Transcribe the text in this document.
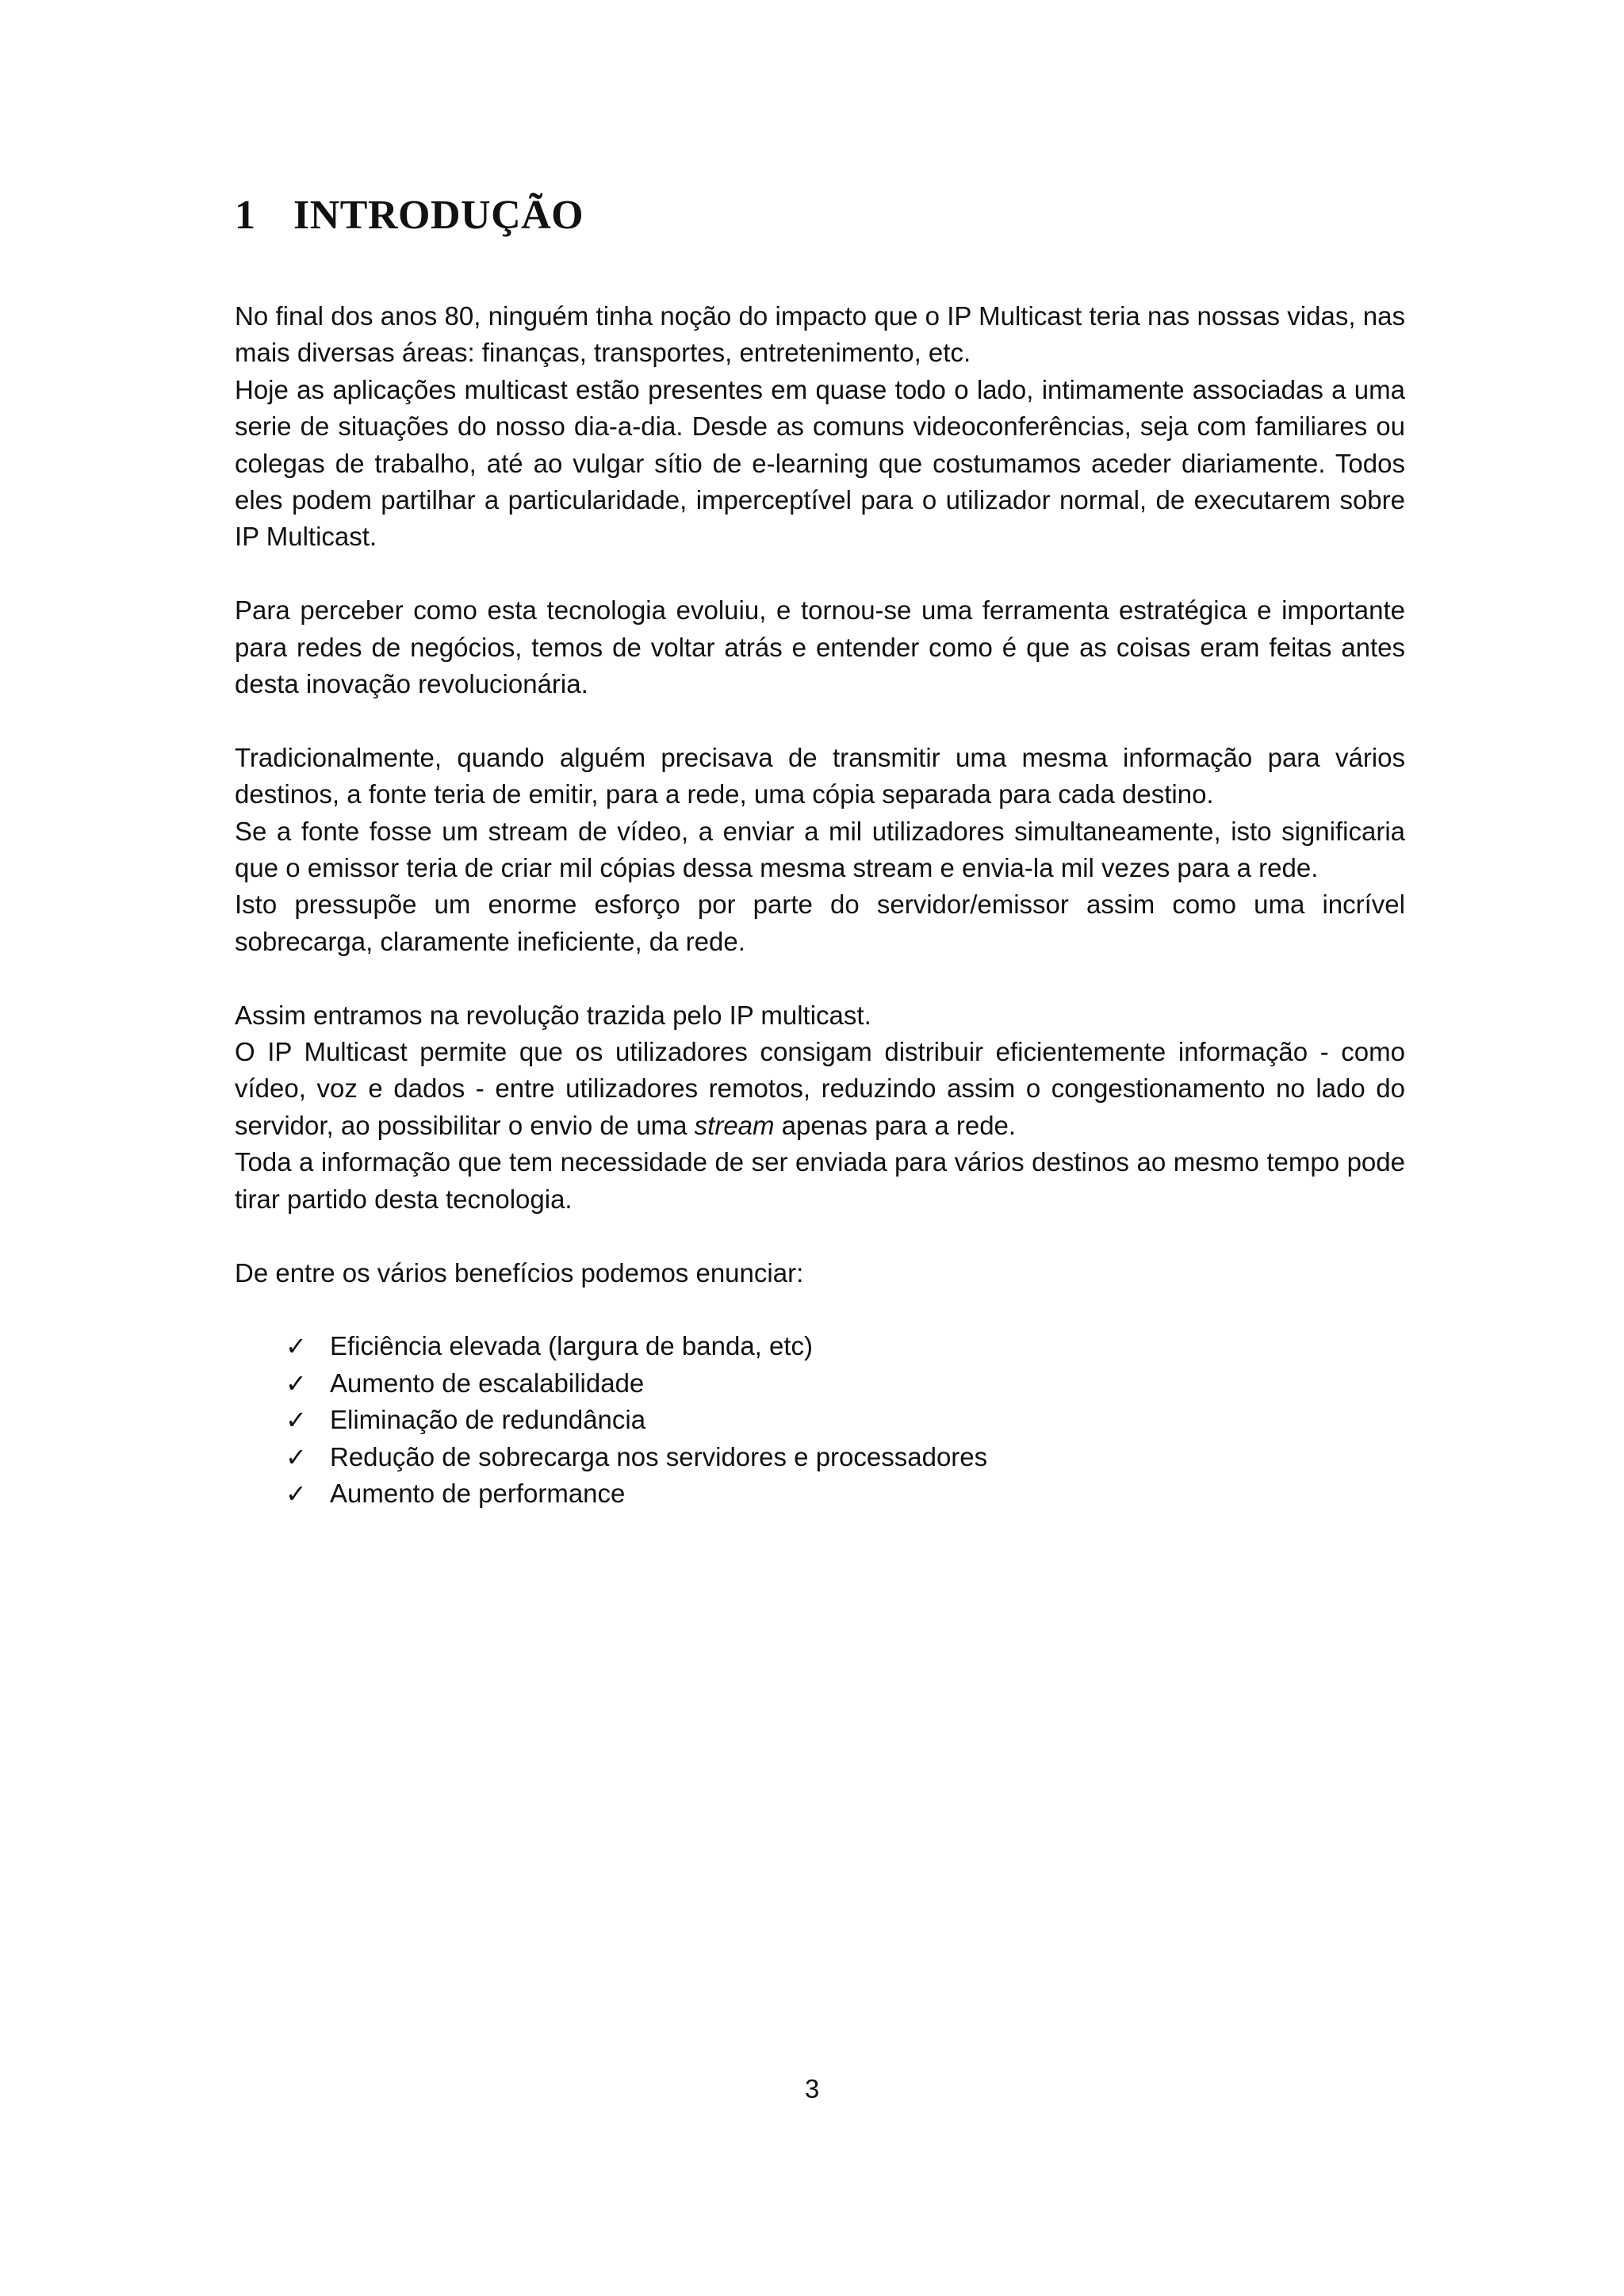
1 INTRODUÇÃO

No final dos anos 80, ninguém tinha noção do impacto que o IP Multicast teria nas nossas vidas, nas mais diversas áreas: finanças, transportes, entretenimento, etc.

Hoje as aplicações multicast estão presentes em quase todo o lado, intimamente associadas a uma serie de situações do nosso dia-a-dia. Desde as comuns videoconferências, seja com familiares ou colegas de trabalho, até ao vulgar sítio de e-learning que costumamos aceder diariamente. Todos eles podem partilhar a particularidade, imperceptível para o utilizador normal, de executarem sobre IP Multicast.

Para perceber como esta tecnologia evoluiu, e tornou-se uma ferramenta estratégica e importante para redes de negócios, temos de voltar atrás e entender como é que as coisas eram feitas antes desta inovação revolucionária.

Tradicionalmente, quando alguém precisava de transmitir uma mesma informação para vários destinos, a fonte teria de emitir, para a rede, uma cópia separada para cada destino.

Se a fonte fosse um stream de vídeo, a enviar a mil utilizadores simultaneamente, isto significaria que o emissor teria de criar mil cópias dessa mesma stream e envia-la mil vezes para a rede.

Isto pressupõe um enorme esforço por parte do servidor/emissor assim como uma incrível sobrecarga, claramente ineficiente, da rede.

Assim entramos na revolução trazida pelo IP multicast.

O IP Multicast permite que os utilizadores consigam distribuir eficientemente informação - como vídeo, voz e dados - entre utilizadores remotos, reduzindo assim o congestionamento no lado do servidor, ao possibilitar o envio de uma stream apenas para a rede.

Toda a informação que tem necessidade de ser enviada para vários destinos ao mesmo tempo pode tirar partido desta tecnologia.

De entre os vários benefícios podemos enunciar:

✓ Eficiência elevada (largura de banda, etc)
✓ Aumento de escalabilidade
✓ Eliminação de redundância
✓ Redução de sobrecarga nos servidores e processadores
✓ Aumento de performance
3
